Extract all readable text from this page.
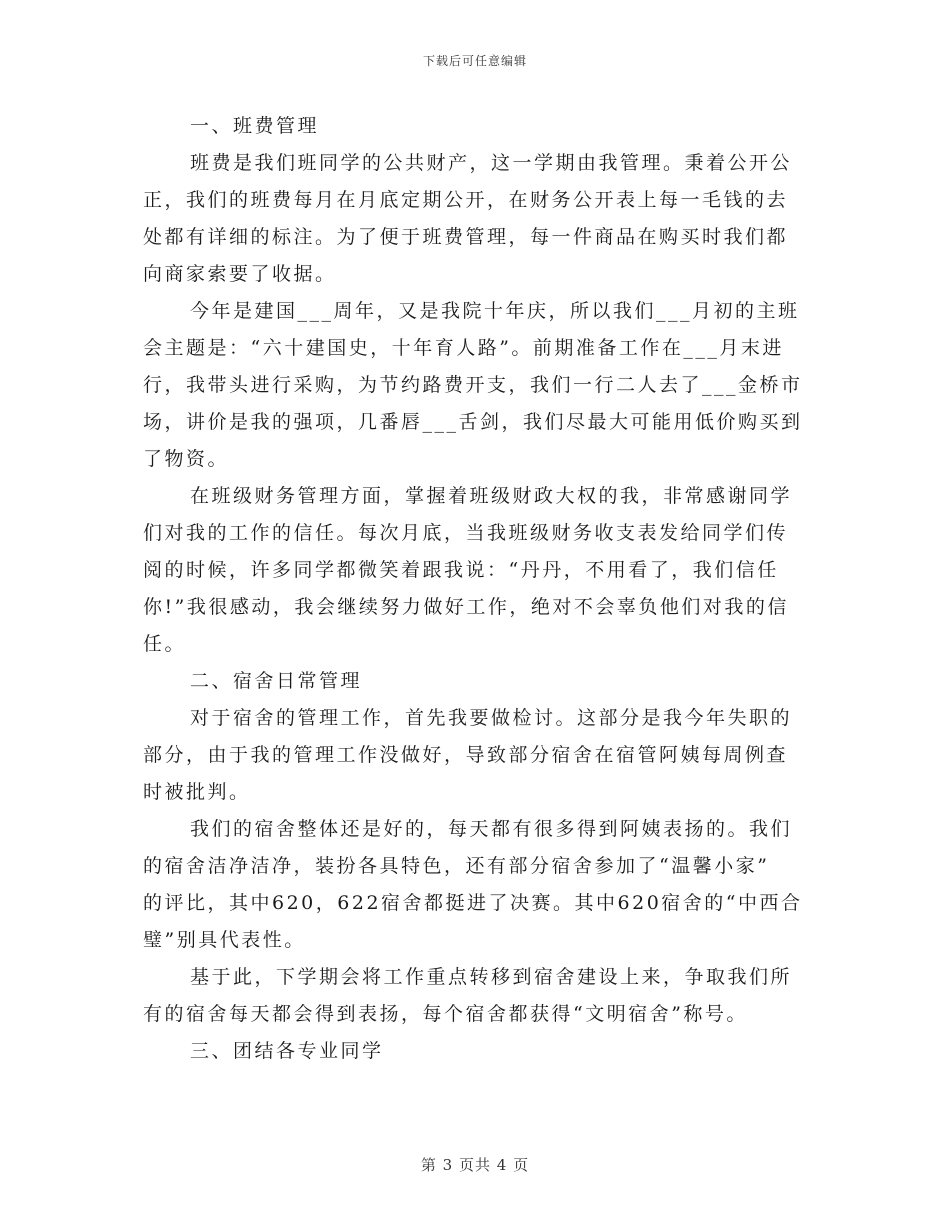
下载后可任意编辑
一、班费管理
班费是我们班同学的公共财产，这一学期由我管理。秉着公开公
正，我们的班费每月在月底定期公开，在财务公开表上每一毛钱的去
处都有详细的标注。为了便于班费管理，每一件商品在购买时我们都
向商家索要了收据。
今年是建国___周年，又是我院十年庆，所以我们___月初的主班
会主题是：“六十建国史，十年育人路”。前期准备工作在___月末进
行，我带头进行采购，为节约路费开支，我们一行二人去了___金桥市
场，讲价是我的强项，几番唇___舌剑，我们尽最大可能用低价购买到
了物资。
在班级财务管理方面，掌握着班级财政大权的我，非常感谢同学
们对我的工作的信任。每次月底，当我班级财务收支表发给同学们传
阅的时候，许多同学都微笑着跟我说：“丹丹，不用看了，我们信任
你!”我很感动，我会继续努力做好工作，绝对不会辜负他们对我的信
任。
二、宿舍日常管理
对于宿舍的管理工作，首先我要做检讨。这部分是我今年失职的
部分，由于我的管理工作没做好，导致部分宿舍在宿管阿姨每周例查
时被批判。
我们的宿舍整体还是好的，每天都有很多得到阿姨表扬的。我们
的宿舍洁净洁净，装扮各具特色，还有部分宿舍参加了“温馨小家”
的评比，其中620，622宿舍都挺进了决赛。其中620宿舍的“中西合
璧”别具代表性。
基于此，下学期会将工作重点转移到宿舍建设上来，争取我们所
有的宿舍每天都会得到表扬，每个宿舍都获得“文明宿舍”称号。
三、团结各专业同学
第 3 页共 4 页
